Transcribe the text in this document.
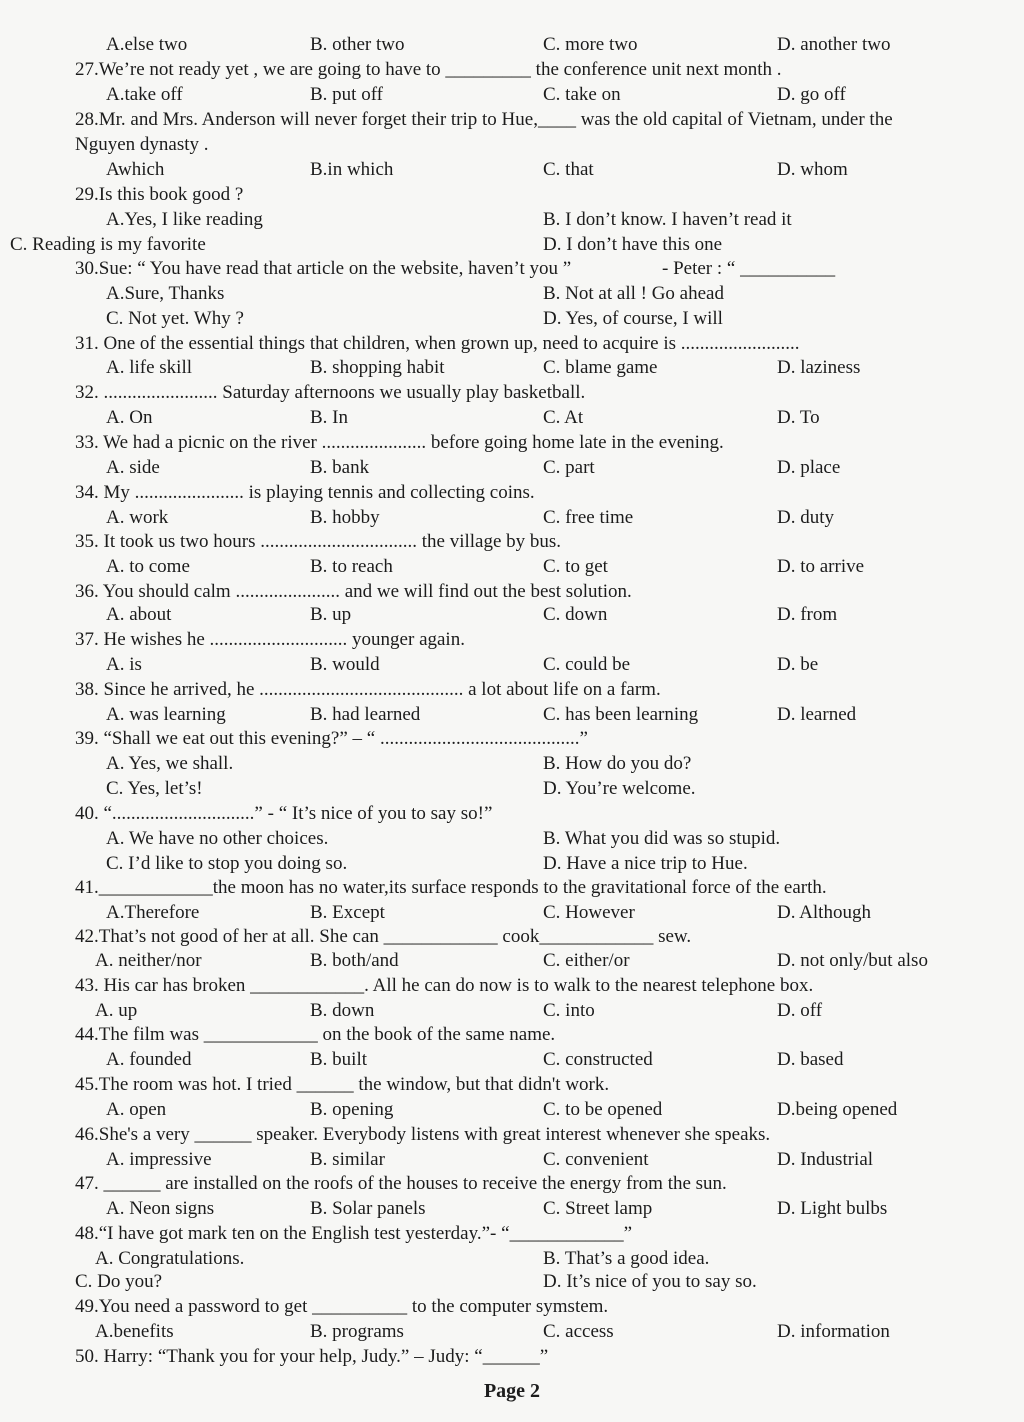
A.else two	B. other two	C. more two	D. another two
27.We’re not ready yet , we are going to have to _________ the conference unit next month .
A.take off	B. put off	C. take on	D. go off
28.Mr. and Mrs. Anderson will never forget their trip to Hue,____ was the old capital of Vietnam, under the
Nguyen dynasty .
Awhich	B.in which	C. that	D. whom
29.Is this book good ?
A.Yes, I like reading	B. I don’t know. I haven’t read it
C. Reading is my favorite	D. I don’t have this one
30.Sue: “ You have read that article on the website, haven’t you ”	- Peter : “ __________
A.Sure, Thanks	B. Not at all ! Go ahead
C. Not yet. Why ?	D. Yes, of course, I will
31. One of the essential things that children, when grown up, need to acquire is .........................
A. life skill	B. shopping habit	C. blame game	D. laziness
32. ........................ Saturday afternoons we usually play basketball.
A. On	B. In	C. At	D. To
33. We had a picnic on the river ...................... before going home late in the evening.
A. side	B. bank	C. part	D. place
34. My ....................... is playing tennis and collecting coins.
A. work	B. hobby	C. free time	D. duty
35. It took us two hours ................................. the village by bus.
A. to come	B. to reach	C. to get	D. to arrive
36. You should calm ...................... and we will find out the best solution.
A. about	B. up	C. down	D. from
37. He wishes he ............................. younger again.
A. is	B. would	C. could be	D. be
38. Since he arrived, he ........................................... a lot about life on a farm.
A. was learning	B. had learned	C. has been learning	D. learned
39. “Shall we eat out this evening?” – “ ..........................................”
A. Yes, we shall.	B. How do you do?
C. Yes, let’s!	D. You’re welcome.
40. “..............................” - “ It’s nice of you to say so!”
A. We have no other choices.	B. What you did was so stupid.
C. I’d like to stop you doing so.	D. Have a nice trip to Hue.
41.____________the moon has no water,its surface responds to the gravitational force of the earth.
A.Therefore	B. Except	C. However	D. Although
42.That’s not good of her at all. She can ____________ cook____________ sew.
A. neither/nor	B. both/and	C. either/or	D. not only/but also
43. His car has broken ____________. All he can do now is to walk to the nearest telephone box.
A. up	B. down	C. into	D. off
44.The film was ____________ on the book of the same name.
A. founded	B. built	C. constructed	D. based
45.The room was hot. I tried ______ the window, but that didn't work.
A. open	B. opening	C. to be opened	D.being opened
46.She's a very ______ speaker. Everybody listens with great interest whenever she speaks.
A. impressive	B. similar	C. convenient	D. Industrial
47. ______ are installed on the roofs of the houses to receive the energy from the sun.
A. Neon signs	B. Solar panels	C. Street lamp	D. Light bulbs
48.“I have got mark ten on the English test yesterday.”- “____________”
A. Congratulations.	B. That’s a good idea.
C. Do you?	D. It’s nice of you to say so.
49.You need a password to get __________ to the computer symstem.
A.benefits	B. programs	C. access	D. information
50. Harry: “Thank you for your help, Judy.” – Judy: “______”
Page 2
